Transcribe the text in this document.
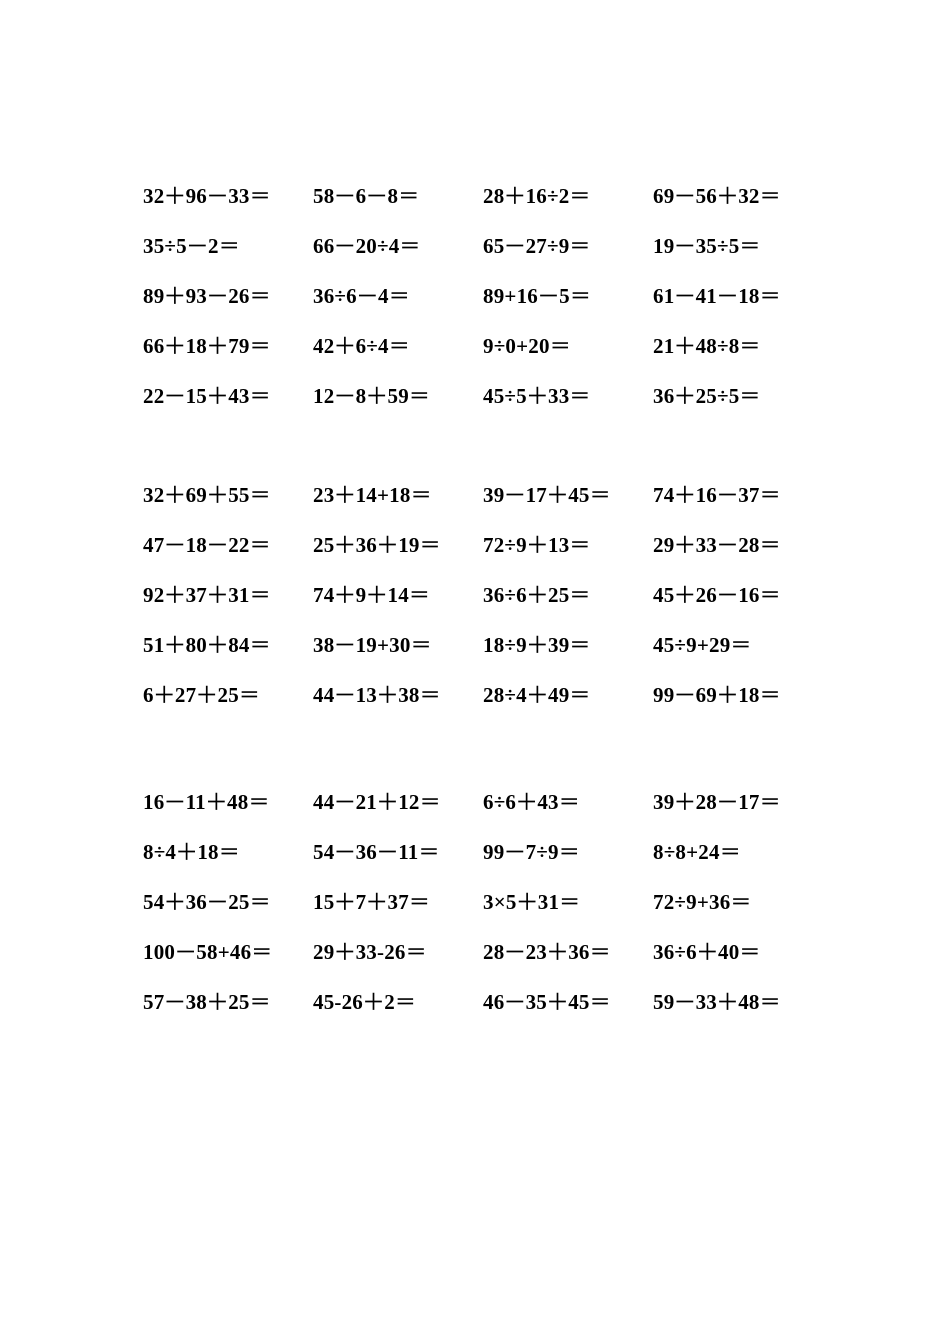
32＋96－33＝	58－6－8＝	28＋16÷2＝	69－56＋32＝
35÷5－2＝	66－20÷4＝	65－27÷9＝	19－35÷5＝
89＋93－26＝	36÷6－4＝	89+16－5＝	61－41－18＝
66＋18＋79＝	42＋6÷4＝	9÷0+20＝	21＋48÷8＝
22－15＋43＝	12－8＋59＝	45÷5＋33＝	36＋25÷5＝
32＋69＋55＝	23＋14+18＝	39－17＋45＝	74＋16－37＝
47－18－22＝	25＋36＋19＝	72÷9＋13＝	29＋33－28＝
92＋37＋31＝	74＋9＋14＝	36÷6＋25＝	45＋26－16＝
51＋80＋84＝	38－19+30＝	18÷9＋39＝	45÷9+29＝
6＋27＋25＝	44－13＋38＝	28÷4＋49＝	99－69＋18＝
16－11＋48＝	44－21＋12＝	6÷6＋43＝	39＋28－17＝
8÷4＋18＝	54－36－11＝	99－7÷9＝	8÷8+24＝
54＋36－25＝	15＋7＋37＝	3×5＋31＝	72÷9+36＝
100－58+46＝	29＋33-26＝	28－23＋36＝	36÷6＋40＝
57－38＋25＝	45-26＋2＝	46－35＋45＝	59－33＋48＝
